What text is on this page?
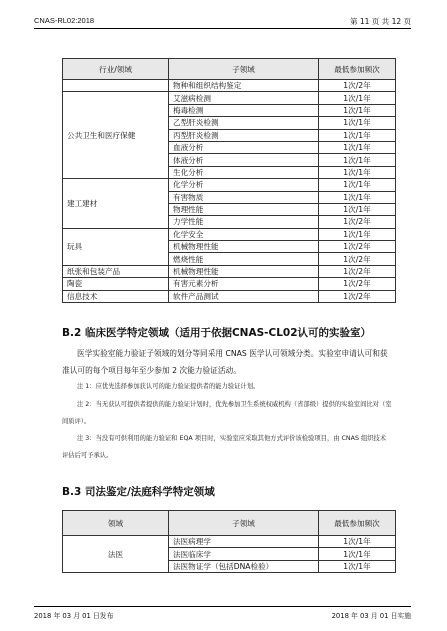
CNAS-RL02:2018	第 11 页 共 12 页
行业/领域	子领域	最低参加频次
	物种和组织结构鉴定	1次/2年
公共卫生和医疗保健	艾滋病检测	1次/1年
	梅毒检测	1次/1年
	乙型肝炎检测	1次/1年
	丙型肝炎检测	1次/1年
	血液分析	1次/1年
	体液分析	1次/1年
	生化分析	1次/1年
建工建材	化学分析	1次/1年
	有害物质	1次/1年
	物理性能	1次/1年
	力学性能	1次/2年
玩具	化学安全	1次/1年
	机械物理性能	1次/2年
	燃烧性能	1次/2年
纸张和包装产品	机械物理性能	1次/2年
陶瓷	有害元素分析	1次/2年
信息技术	软件产品测试	1次/2年
B.2 临床医学特定领域（适用于依据CNAS-CL02认可的实验室）
医学实验室能力验证子领域的划分等同采用 CNAS 医学认可领域分类。实验室申请认可和获准认可的每个项目每年至少参加 2 次能力验证活动。
注 1：应优先选择参加获认可的能力验证提供者的能力验证计划。
注 2：当无获认可提供者提供的能力验证计划时，优先参加卫生系统权威机构（省部级）提供的实验室间比对（室间质评）。
注 3：当没有可供利用的能力验证和 EQA 项目时，实验室应采取其他方式评价该检验项目，由 CNAS 组织技术评估后可予承认。
B.3 司法鉴定/法庭科学特定领域
领域	子领域	最低参加频次
法医	法医病理学	1次/1年
	法医临床学	1次/1年
	法医物证学（包括DNA检验）	1次/1年
2018 年 03 月 01 日发布	2018 年 03 月 01 日实施
